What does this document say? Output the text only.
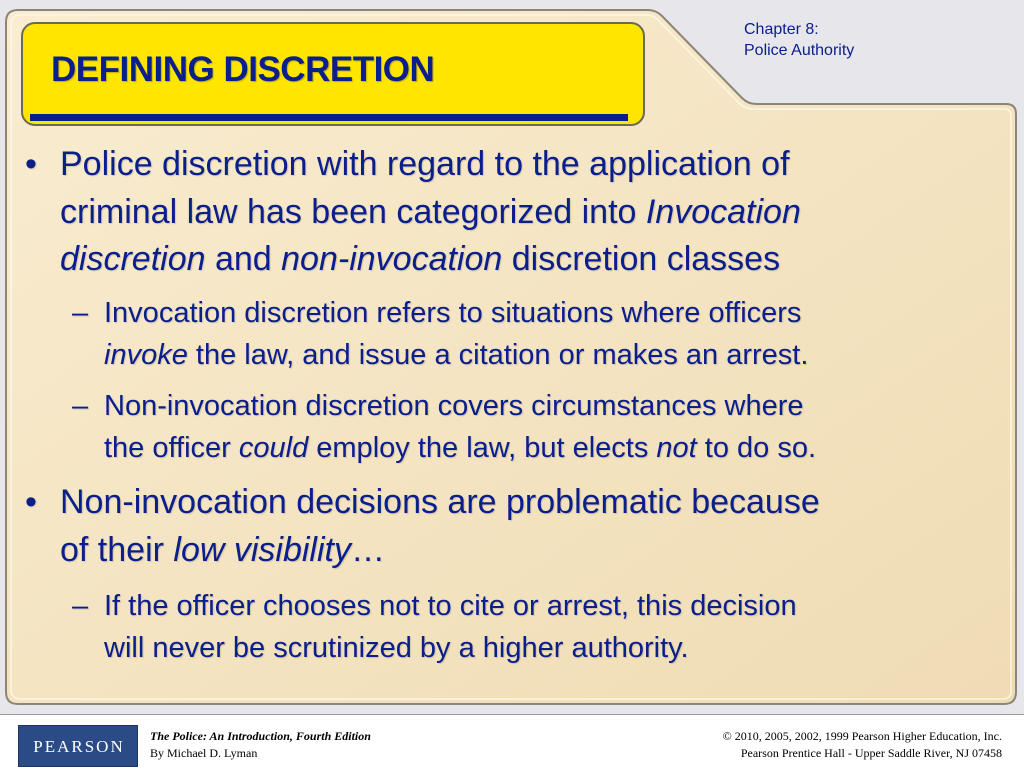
DEFINING DISCRETION
Chapter 8:
Police Authority
• Police discretion with regard to the application of
criminal law has been categorized into Invocation
discretion and non-invocation discretion classes
– Invocation discretion refers to situations where officers
invoke the law, and issue a citation or makes an arrest.
– Non-invocation discretion covers circumstances where
the officer could employ the law, but elects not to do so.
• Non-invocation decisions are problematic because
of their low visibility…
– If the officer chooses not to cite or arrest, this decision
will never be scrutinized by a higher authority.
PEARSON
The Police: An Introduction, Fourth Edition
By Michael D. Lyman
© 2010, 2005, 2002, 1999 Pearson Higher Education, Inc.
Pearson Prentice Hall - Upper Saddle River, NJ 07458
